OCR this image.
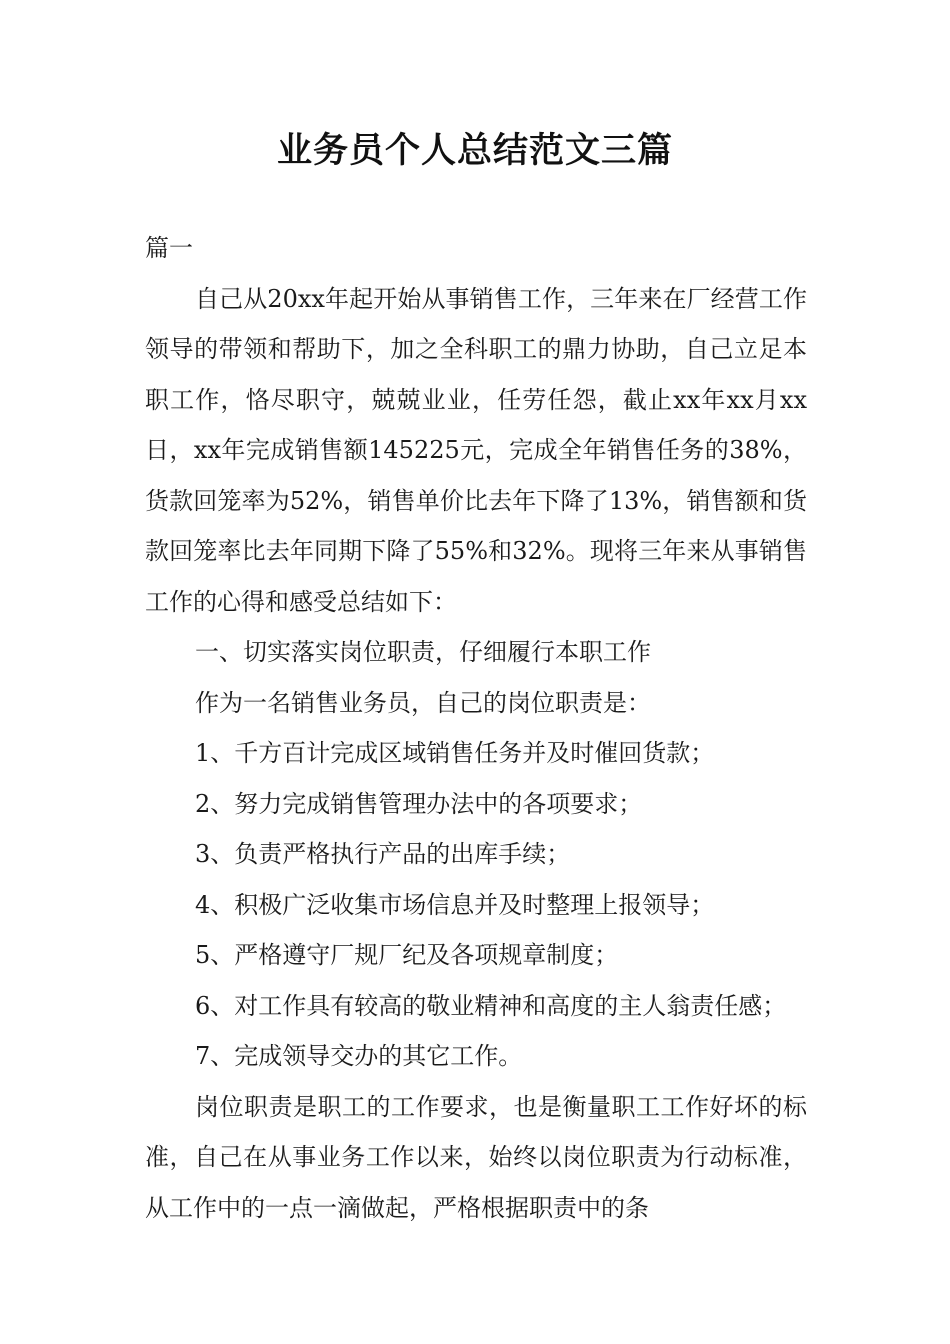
业务员个人总结范文三篇

篇一

自己从20xx年起开始从事销售工作，三年来在厂经营工作领导的带领和帮助下，加之全科职工的鼎力协助，自己立足本职工作，恪尽职守，兢兢业业，任劳任怨，截止xx年xx月xx日，xx年完成销售额145225元，完成全年销售任务的38%，货款回笼率为52%，销售单价比去年下降了13%，销售额和货款回笼率比去年同期下降了55%和32%。现将三年来从事销售工作的心得和感受总结如下：

一、切实落实岗位职责，仔细履行本职工作

作为一名销售业务员，自己的岗位职责是：

1、千方百计完成区域销售任务并及时催回货款；

2、努力完成销售管理办法中的各项要求；

3、负责严格执行产品的出库手续；

4、积极广泛收集市场信息并及时整理上报领导；

5、严格遵守厂规厂纪及各项规章制度；

6、对工作具有较高的敬业精神和高度的主人翁责任感；

7、完成领导交办的其它工作。

岗位职责是职工的工作要求，也是衡量职工工作好坏的标准，自己在从事业务工作以来，始终以岗位职责为行动标准，从工作中的一点一滴做起，严格根据职责中的条
